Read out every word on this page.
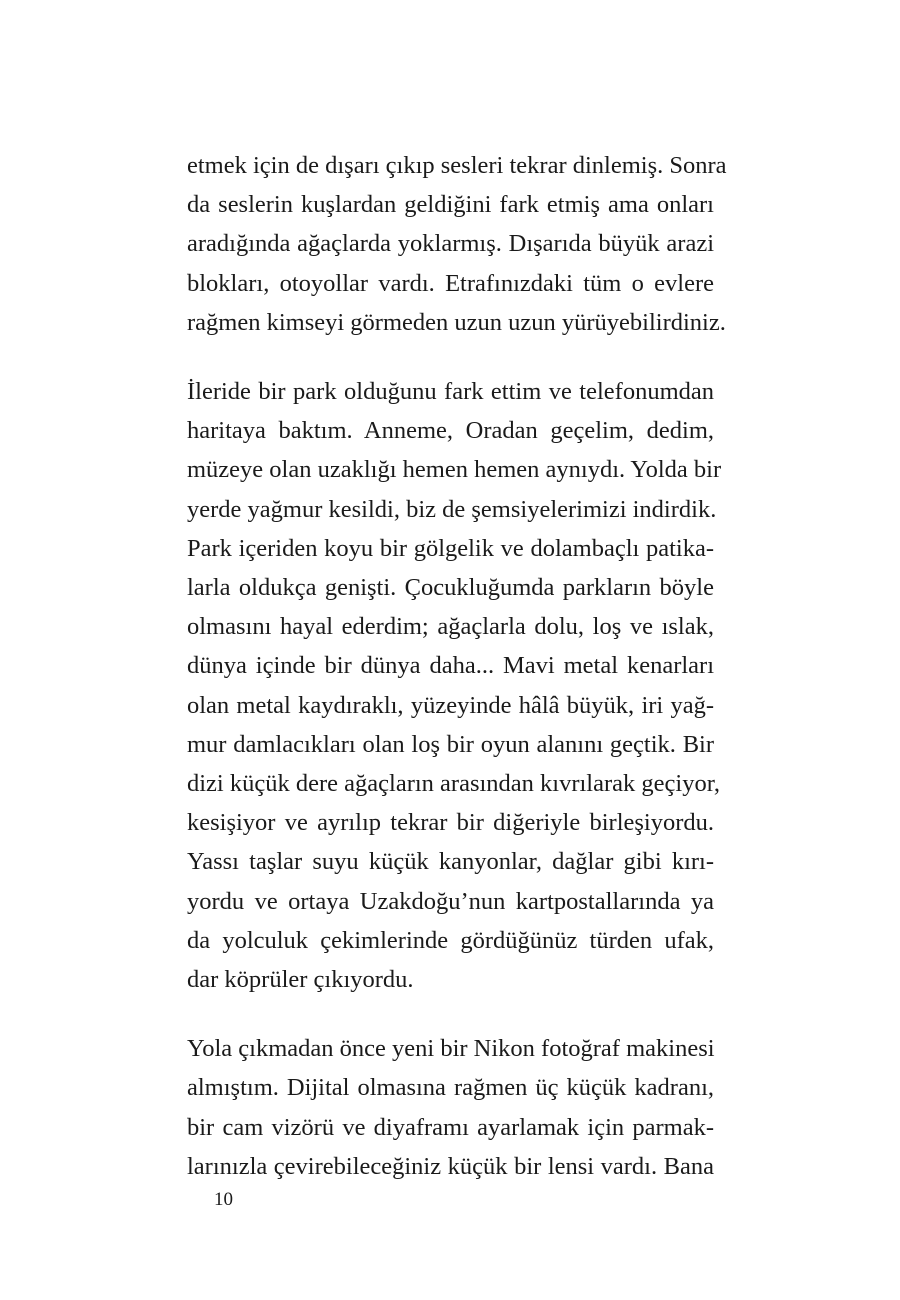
etmek için de dışarı çıkıp sesleri tekrar dinlemiş. Sonra
da seslerin kuşlardan geldiğini fark etmiş ama onları
aradığında ağaçlarda yoklarmış. Dışarıda büyük arazi
blokları, otoyollar vardı. Etrafınızdaki tüm o evlere
rağmen kimseyi görmeden uzun uzun yürüyebilirdiniz.

İleride bir park olduğunu fark ettim ve telefonumdan
haritaya baktım. Anneme, Oradan geçelim, dedim,
müzeye olan uzaklığı hemen hemen aynıydı. Yolda bir
yerde yağmur kesildi, biz de şemsiyelerimizi indirdik.
Park içeriden koyu bir gölgelik ve dolambaçlı patika-
larla oldukça genişti. Çocukluğumda parkların böyle
olmasını hayal ederdim; ağaçlarla dolu, loş ve ıslak,
dünya içinde bir dünya daha... Mavi metal kenarları
olan metal kaydıraklı, yüzeyinde hâlâ büyük, iri yağ-
mur damlacıkları olan loş bir oyun alanını geçtik. Bir
dizi küçük dere ağaçların arasından kıvrılarak geçiyor,
kesişiyor ve ayrılıp tekrar bir diğeriyle birleşiyordu.
Yassı taşlar suyu küçük kanyonlar, dağlar gibi kırı-
yordu ve ortaya Uzakdoğu’nun kartpostallarında ya
da yolculuk çekimlerinde gördüğünüz türden ufak,
dar köprüler çıkıyordu.

Yola çıkmadan önce yeni bir Nikon fotoğraf makinesi
almıştım. Dijital olmasına rağmen üç küçük kadranı,
bir cam vizörü ve diyaframı ayarlamak için parmak-
larınızla çevirebileceğiniz küçük bir lensi vardı. Bana

10
